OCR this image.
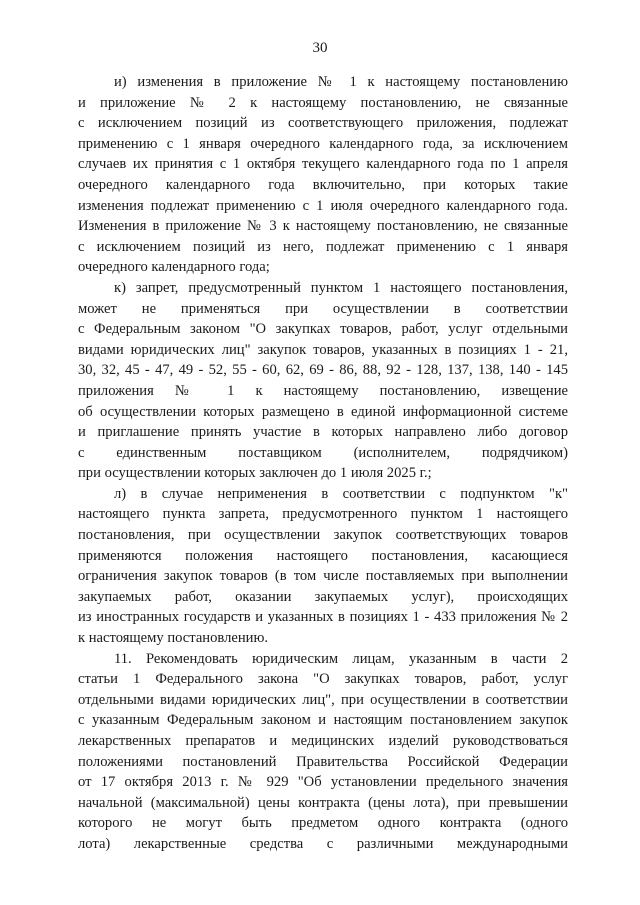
30
и) изменения в приложение № 1 к настоящему постановлению
и приложение № 2 к настоящему постановлению, не связанные
с исключением позиций из соответствующего приложения, подлежат
применению с 1 января очередного календарного года, за исключением
случаев их принятия с 1 октября текущего календарного года по 1 апреля
очередного календарного года включительно, при которых такие
изменения подлежат применению с 1 июля очередного календарного года.
Изменения в приложение № 3 к настоящему постановлению, не связанные
с исключением позиций из него, подлежат применению с 1 января
очередного календарного года;
к) запрет, предусмотренный пунктом 1 настоящего постановления,
может не применяться при осуществлении в соответствии
с Федеральным законом "О закупках товаров, работ, услуг отдельными
видами юридических лиц" закупок товаров, указанных в позициях 1 - 21,
30, 32, 45 - 47, 49 - 52, 55 - 60, 62, 69 - 86, 88, 92 - 128, 137, 138, 140 - 145
приложения № 1 к настоящему постановлению, извещение
об осуществлении которых размещено в единой информационной системе
и приглашение принять участие в которых направлено либо договор
с единственным поставщиком (исполнителем, подрядчиком)
при осуществлении которых заключен до 1 июля 2025 г.;
л) в случае неприменения в соответствии с подпунктом "к"
настоящего пункта запрета, предусмотренного пунктом 1 настоящего
постановления, при осуществлении закупок соответствующих товаров
применяются положения настоящего постановления, касающиеся
ограничения закупок товаров (в том числе поставляемых при выполнении
закупаемых работ, оказании закупаемых услуг), происходящих
из иностранных государств и указанных в позициях 1 - 433 приложения № 2
к настоящему постановлению.
11. Рекомендовать юридическим лицам, указанным в части 2
статьи 1 Федерального закона "О закупках товаров, работ, услуг
отдельными видами юридических лиц", при осуществлении в соответствии
с указанным Федеральным законом и настоящим постановлением закупок
лекарственных препаратов и медицинских изделий руководствоваться
положениями постановлений Правительства Российской Федерации
от 17 октября 2013 г. № 929 "Об установлении предельного значения
начальной (максимальной) цены контракта (цены лота), при превышении
которого не могут быть предметом одного контракта (одного
лота) лекарственные средства с различными международными
